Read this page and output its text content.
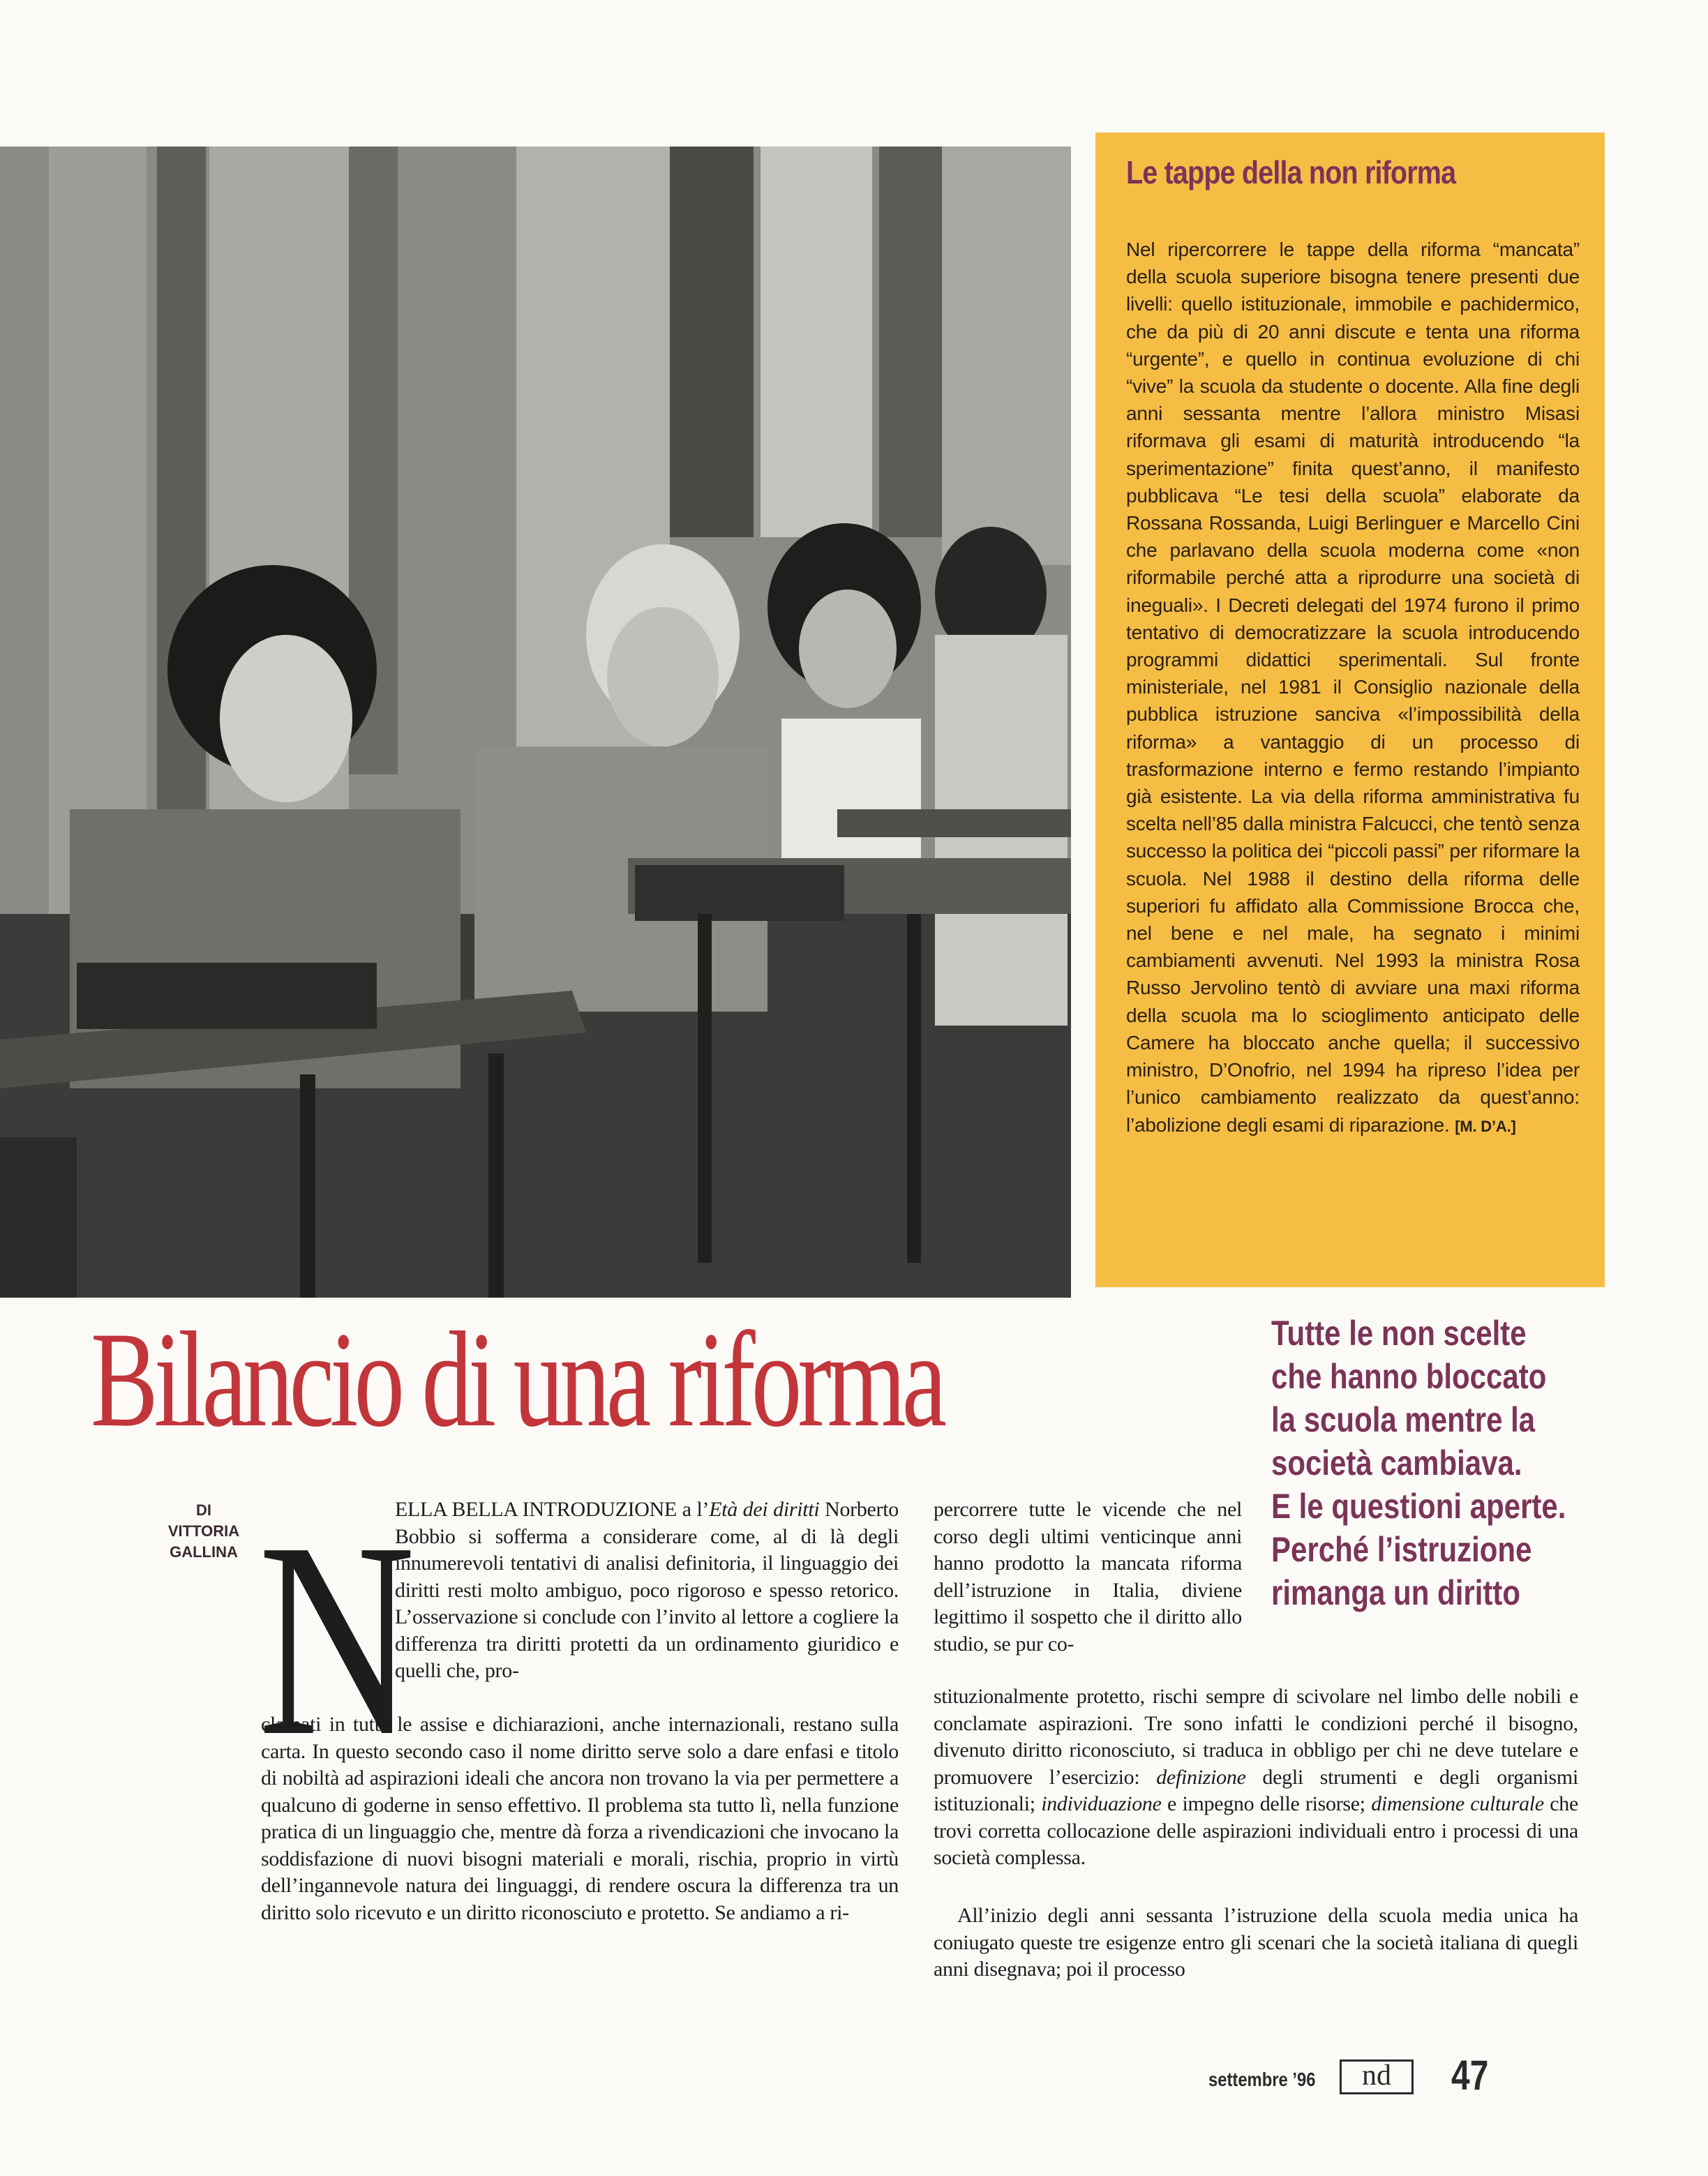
Le tappe della non riforma

Nel ripercorrere le tappe della riforma “mancata” della scuola superiore bisogna tenere presenti due livelli: quello istituzionale, immobile e pachidermico, che da più di 20 anni discute e tenta una riforma “urgente”, e quello in continua evoluzione di chi “vive” la scuola da studente o docente. Alla fine degli anni sessanta mentre l’allora ministro Misasi riformava gli esami di maturità introducendo “la sperimentazione” finita quest’anno, il manifesto pubblicava “Le tesi della scuola” elaborate da Rossana Rossanda, Luigi Berlinguer e Marcello Cini che parlavano della scuola moderna come «non riformabile perché atta a riprodurre una società di ineguali». I Decreti delegati del 1974 furono il primo tentativo di democratizzare la scuola introducendo programmi didattici sperimentali. Sul fronte ministeriale, nel 1981 il Consiglio nazionale della pubblica istruzione sanciva «l’impossibilità della riforma» a vantaggio di un processo di trasformazione interno e fermo restando l’impianto già esistente. La via della riforma amministrativa fu scelta nell’85 dalla ministra Falcucci, che tentò senza successo la politica dei “piccoli passi” per riformare la scuola. Nel 1988 il destino della riforma delle superiori fu affidato alla Commissione Brocca che, nel bene e nel male, ha segnato i minimi cambiamenti avvenuti. Nel 1993 la ministra Rosa Russo Jervolino tentò di avviare una maxi riforma della scuola ma lo scioglimento anticipato delle Camere ha bloccato anche quella; il successivo ministro, D’Onofrio, nel 1994 ha ripreso l’idea per l’unico cambiamento realizzato da quest’anno: l’abolizione degli esami di riparazione. [M. D’A.]

Bilancio di una riforma	Tutte le non scelte
che hanno bloccato
la scuola mentre la
società cambiava.
E le questioni aperte.
Perché l’istruzione
rimanga un diritto
DI
VITTORIA
GALLINA N
ELLA BELLA INTRODUZIONE a l’Età dei diritti Norberto Bobbio si sofferma a considerare come, al di là degli innumerevoli tentativi di analisi definitoria, il linguaggio dei diritti resti molto ambiguo, poco rigoroso e spesso retorico. L’osservazione si conclude con l’invito al lettore a cogliere la differenza tra diritti protetti da un ordinamento giuridico e quelli che, pro-
clamati in tutte le assise e dichiarazioni, anche internazionali, restano sulla carta. In questo secondo caso il nome diritto serve solo a dare enfasi e titolo di nobiltà ad aspirazioni ideali che ancora non trovano la via per permettere a qualcuno di goderne in senso effettivo. Il problema sta tutto lì, nella funzione pratica di un linguaggio che, mentre dà forza a rivendicazioni che invocano la soddisfazione di nuovi bisogni materiali e morali, rischia, proprio in virtù dell’ingannevole natura dei linguaggi, di rendere oscura la differenza tra un diritto solo ricevuto e un diritto riconosciuto e protetto. Se andiamo a ri-
percorrere tutte le vicende che nel corso degli ultimi venticinque anni hanno prodotto la mancata riforma dell’istruzione in Italia, diviene legittimo il sospetto che il diritto allo studio, se pur co-
stituzionalmente protetto, rischi sempre di scivolare nel limbo delle nobili e conclamate aspirazioni. Tre sono infatti le condizioni perché il bisogno, divenuto diritto riconosciuto, si traduca in obbligo per chi ne deve tutelare e promuovere l’esercizio: definizione degli strumenti e degli organismi istituzionali; individuazione e impegno delle risorse; dimensione culturale che trovi corretta collocazione delle aspirazioni individuali entro i processi di una società complessa.
All’inizio degli anni sessanta l’istruzione della scuola media unica ha coniugato queste tre esigenze entro gli scenari che la società italiana di quegli anni disegnava; poi il processo
settembre ’96	nd	47
